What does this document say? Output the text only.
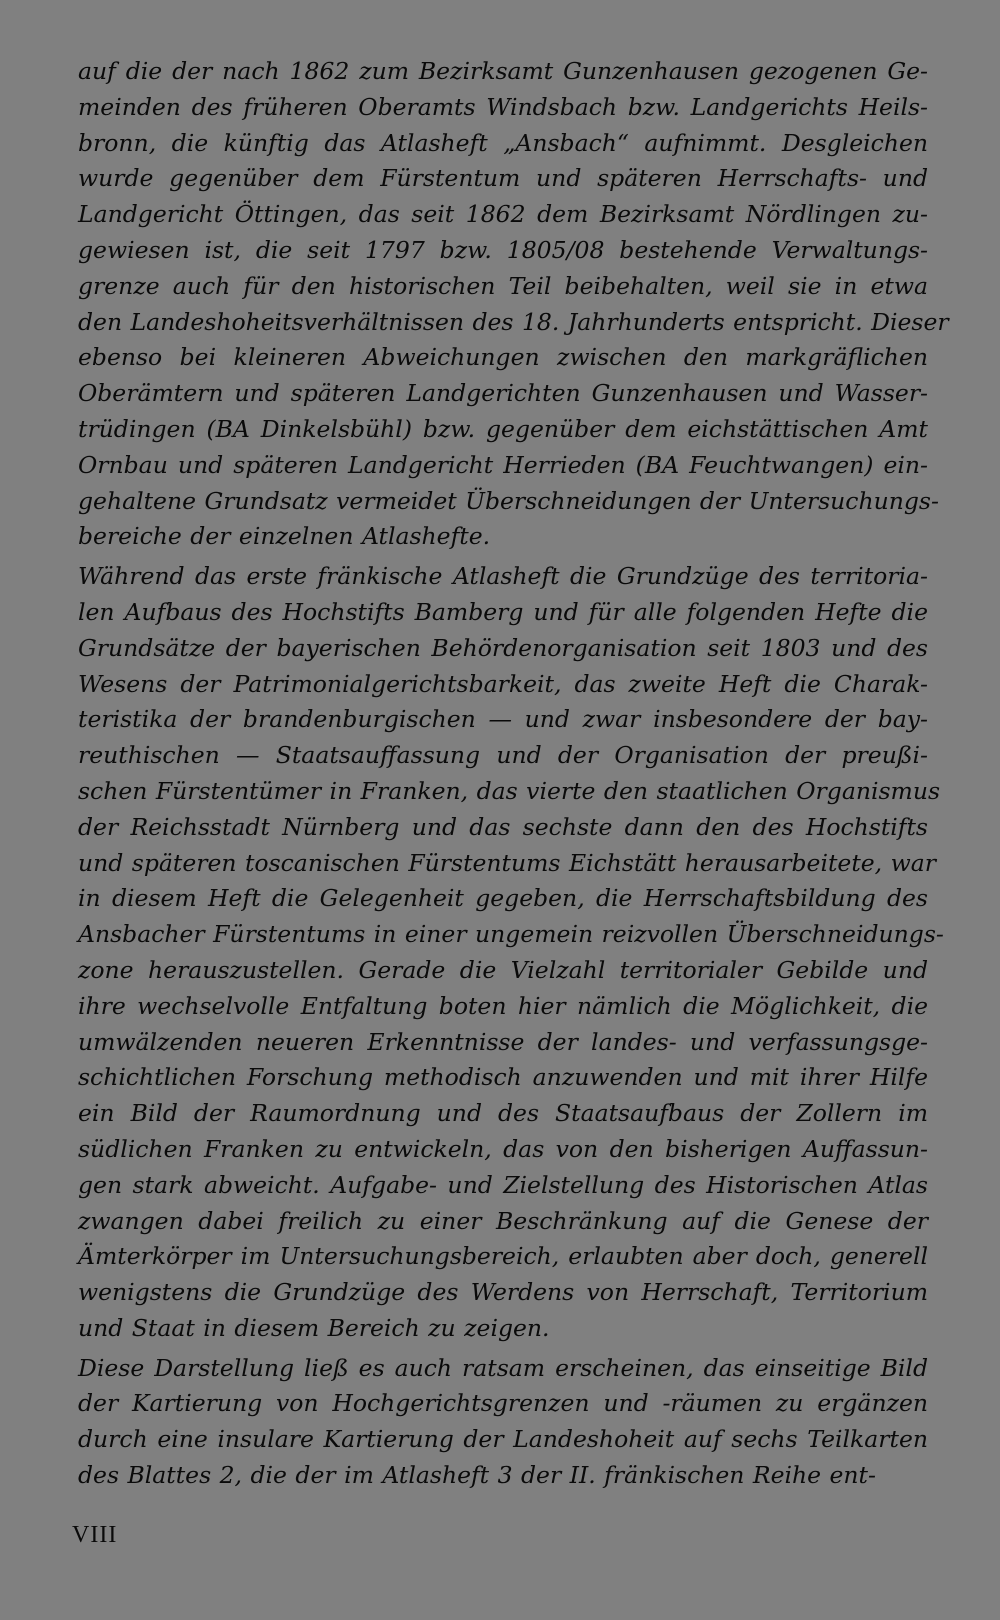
auf die der nach 1862 zum Bezirksamt Gunzenhausen gezogenen Ge-
meinden des früheren Oberamts Windsbach bzw. Landgerichts Heils-
bronn, die künftig das Atlasheft „Ansbach“ aufnimmt. Desgleichen
wurde gegenüber dem Fürstentum und späteren Herrschafts- und
Landgericht Öttingen, das seit 1862 dem Bezirksamt Nördlingen zu-
gewiesen ist, die seit 1797 bzw. 1805/08 bestehende Verwaltungs-
grenze auch für den historischen Teil beibehalten, weil sie in etwa
den Landeshoheitsverhältnissen des 18. Jahrhunderts entspricht. Dieser
ebenso bei kleineren Abweichungen zwischen den markgräflichen
Oberämtern und späteren Landgerichten Gunzenhausen und Wasser-
trüdingen (BA Dinkelsbühl) bzw. gegenüber dem eichstättischen Amt
Ornbau und späteren Landgericht Herrieden (BA Feuchtwangen) ein-
gehaltene Grundsatz vermeidet Überschneidungen der Untersuchungs-
bereiche der einzelnen Atlashefte.
Während das erste fränkische Atlasheft die Grundzüge des territoria-
len Aufbaus des Hochstifts Bamberg und für alle folgenden Hefte die
Grundsätze der bayerischen Behördenorganisation seit 1803 und des
Wesens der Patrimonialgerichtsbarkeit, das zweite Heft die Charak-
teristika der brandenburgischen — und zwar insbesondere der bay-
reuthischen — Staatsauffassung und der Organisation der preußi-
schen Fürstentümer in Franken, das vierte den staatlichen Organismus
der Reichsstadt Nürnberg und das sechste dann den des Hochstifts
und späteren toscanischen Fürstentums Eichstätt herausarbeitete, war
in diesem Heft die Gelegenheit gegeben, die Herrschaftsbildung des
Ansbacher Fürstentums in einer ungemein reizvollen Überschneidungs-
zone herauszustellen. Gerade die Vielzahl territorialer Gebilde und
ihre wechselvolle Entfaltung boten hier nämlich die Möglichkeit, die
umwälzenden neueren Erkenntnisse der landes- und verfassungsge-
schichtlichen Forschung methodisch anzuwenden und mit ihrer Hilfe
ein Bild der Raumordnung und des Staatsaufbaus der Zollern im
südlichen Franken zu entwickeln, das von den bisherigen Auffassun-
gen stark abweicht. Aufgabe- und Zielstellung des Historischen Atlas
zwangen dabei freilich zu einer Beschränkung auf die Genese der
Ämterkörper im Untersuchungsbereich, erlaubten aber doch, generell
wenigstens die Grundzüge des Werdens von Herrschaft, Territorium
und Staat in diesem Bereich zu zeigen.
Diese Darstellung ließ es auch ratsam erscheinen, das einseitige Bild
der Kartierung von Hochgerichtsgrenzen und -räumen zu ergänzen
durch eine insulare Kartierung der Landeshoheit auf sechs Teilkarten
des Blattes 2, die der im Atlasheft 3 der II. fränkischen Reihe ent-
VIII
